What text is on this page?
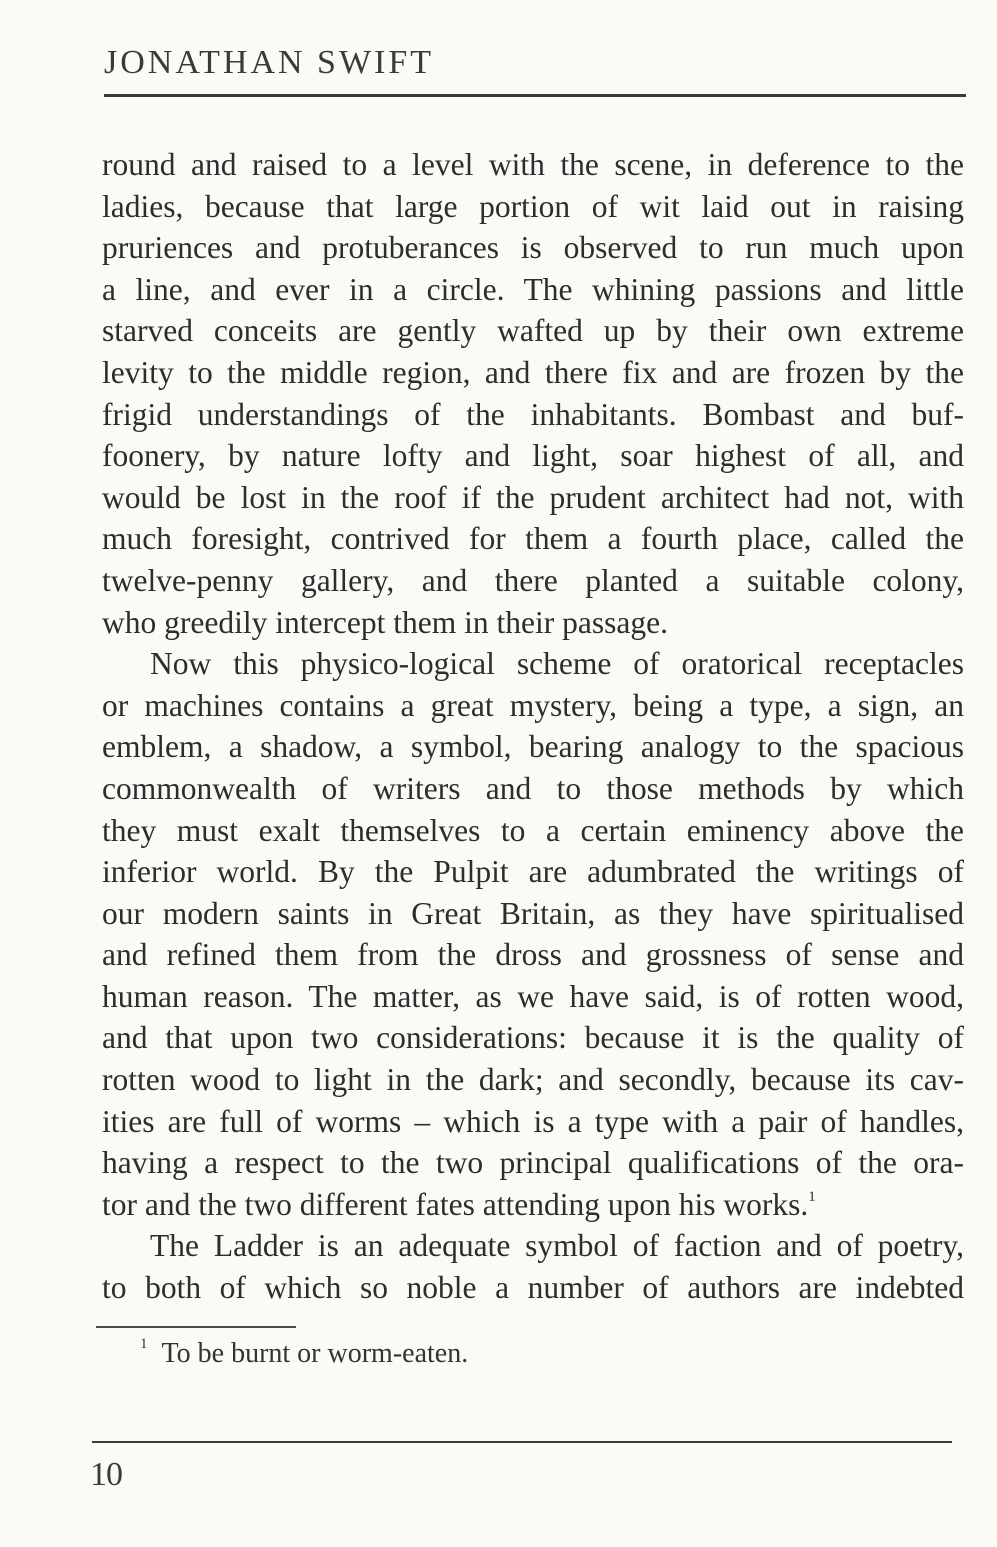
JONATHAN SWIFT
round and raised to a level with the scene, in deference to the
ladies, because that large portion of wit laid out in raising
pruriences and protuberances is observed to run much upon
a line, and ever in a circle. The whining passions and little
starved conceits are gently wafted up by their own extreme
levity to the middle region, and there fix and are frozen by the
frigid understandings of the inhabitants. Bombast and buf-
foonery, by nature lofty and light, soar highest of all, and
would be lost in the roof if the prudent architect had not, with
much foresight, contrived for them a fourth place, called the
twelve-penny gallery, and there planted a suitable colony,
who greedily intercept them in their passage.
Now this physico-logical scheme of oratorical receptacles
or machines contains a great mystery, being a type, a sign, an
emblem, a shadow, a symbol, bearing analogy to the spacious
commonwealth of writers and to those methods by which
they must exalt themselves to a certain eminency above the
inferior world. By the Pulpit are adumbrated the writings of
our modern saints in Great Britain, as they have spiritualised
and refined them from the dross and grossness of sense and
human reason. The matter, as we have said, is of rotten wood,
and that upon two considerations: because it is the quality of
rotten wood to light in the dark; and secondly, because its cav-
ities are full of worms – which is a type with a pair of handles,
having a respect to the two principal qualifications of the ora-
tor and the two different fates attending upon his works.$^1$
The Ladder is an adequate symbol of faction and of poetry,
to both of which so noble a number of authors are indebted
$^1$ To be burnt or worm-eaten.
10
